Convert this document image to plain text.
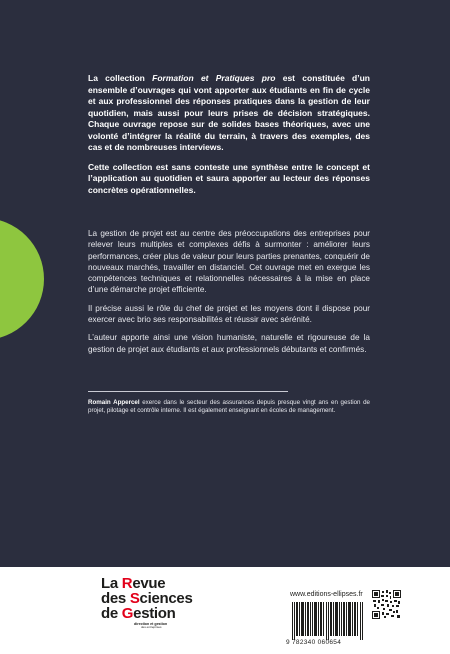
La collection Formation et Pratiques pro est constituée d’un ensemble d’ouvrages qui vont apporter aux étudiants en fin de cycle et aux professionnel des réponses pratiques dans la gestion de leur quotidien, mais aussi pour leurs prises de décision stratégiques. Chaque ouvrage repose sur de solides bases théoriques, avec une volonté d’intégrer la réalité du terrain, à travers des exemples, des cas et de nombreuses interviews.

Cette collection est sans conteste une synthèse entre le concept et l’application au quotidien et saura apporter au lecteur des réponses concrètes opérationnelles.

La gestion de projet est au centre des préoccupations des entreprises pour relever leurs multiples et complexes défis à surmonter : améliorer leurs performances, créer plus de valeur pour leurs parties prenantes, conquérir de nouveaux marchés, travailler en distanciel. Cet ouvrage met en exergue les compétences techniques et relationnelles nécessaires à la mise en place d’une démarche projet efficiente.

Il précise aussi le rôle du chef de projet et les moyens dont il dispose pour exercer avec brio ses responsabilités et réussir avec sérénité.

L’auteur apporte ainsi une vision humaniste, naturelle et rigoureuse de la gestion de projet aux étudiants et aux professionnels débutants et confirmés.

Romain Appercel exerce dans le secteur des assurances depuis presque vingt ans en gestion de projet, pilotage et contrôle interne. Il est également enseignant en écoles de management.

La Revue
des Sciences
de Gestion
direction et gestion
des entreprises
www.editions-ellipses.fr
9 782340 060654
